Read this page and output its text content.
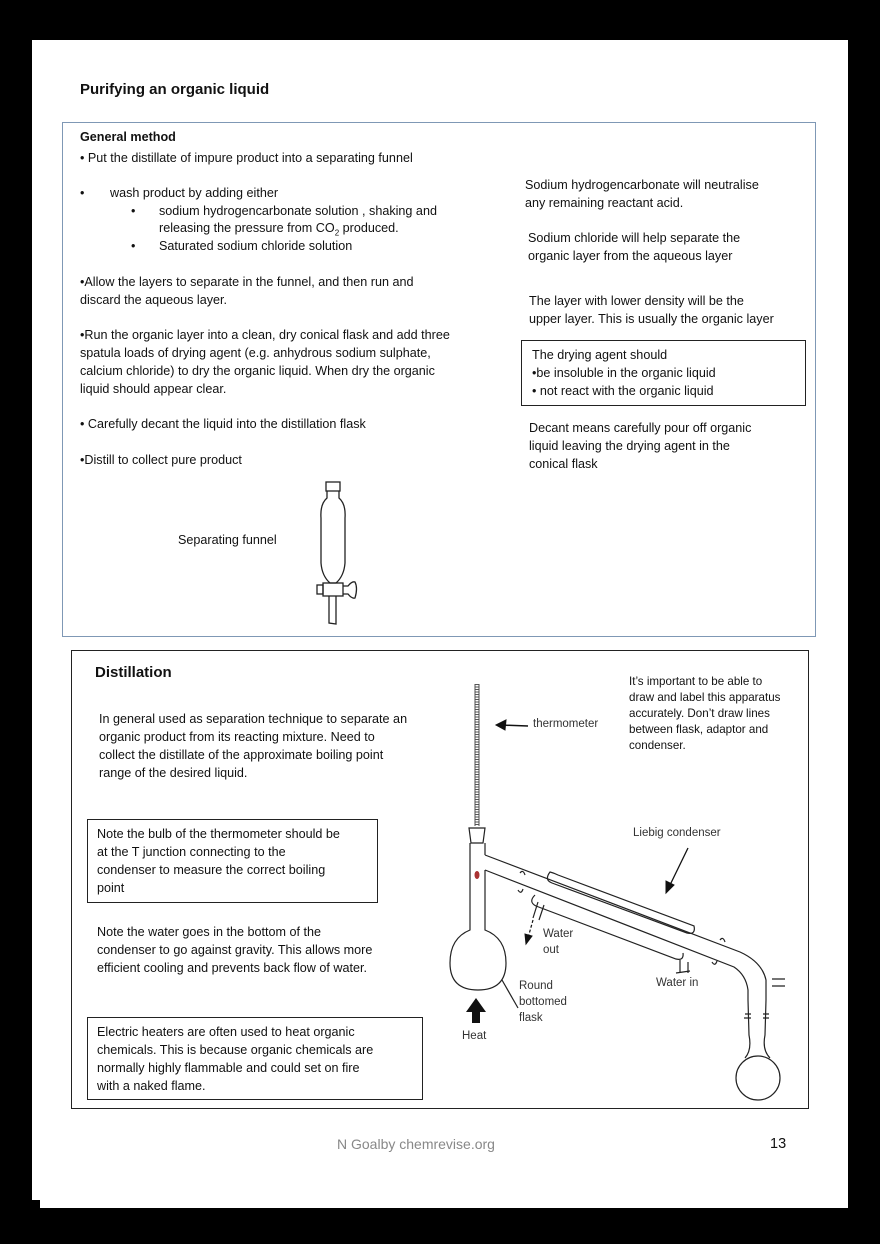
Purifying an organic liquid
General method
• Put the distillate of impure product into a separating funnel
• wash product by adding either
• sodium hydrogencarbonate solution , shaking and
releasing the pressure from $CO_2$ produced.
• Saturated sodium chloride solution
•Allow the layers to separate in the funnel, and then run and
discard the aqueous layer.
•Run the organic layer into a clean, dry conical flask and add three
spatula loads of drying agent (e.g. anhydrous sodium sulphate,
calcium chloride) to dry the organic liquid. When dry the organic
liquid should appear clear.
• Carefully decant the liquid into the distillation flask
•Distill to collect pure product
Separating funnel
Sodium hydrogencarbonate will neutralise
any remaining reactant acid.
Sodium chloride will help separate the
organic layer from the aqueous layer
The layer with lower density will be the
upper layer. This is usually the organic layer
The drying agent should
•be insoluble in the organic liquid
• not react with the organic liquid
Decant means carefully pour off organic
liquid leaving the drying agent in the
conical flask
Distillation
In general used as separation technique to separate an
organic product from its reacting mixture. Need to
collect the distillate of the approximate boiling point
range of the desired liquid.
Note the bulb of the thermometer should be
at the T junction connecting to the
condenser to measure the correct boiling
point
Note the water goes in the bottom of the
condenser to go against gravity. This allows more
efficient cooling and prevents back flow of water.
Electric heaters are often used to heat organic
chemicals. This is because organic chemicals are
normally highly flammable and could set on fire
with a naked flame.
It’s important to be able to
draw and label this apparatus
accurately. Don’t draw lines
between flask, adaptor and
condenser.
thermometer
Liebig condenser
Water
out
Water in
Round
bottomed
flask
Heat
N Goalby chemrevise.org	13
